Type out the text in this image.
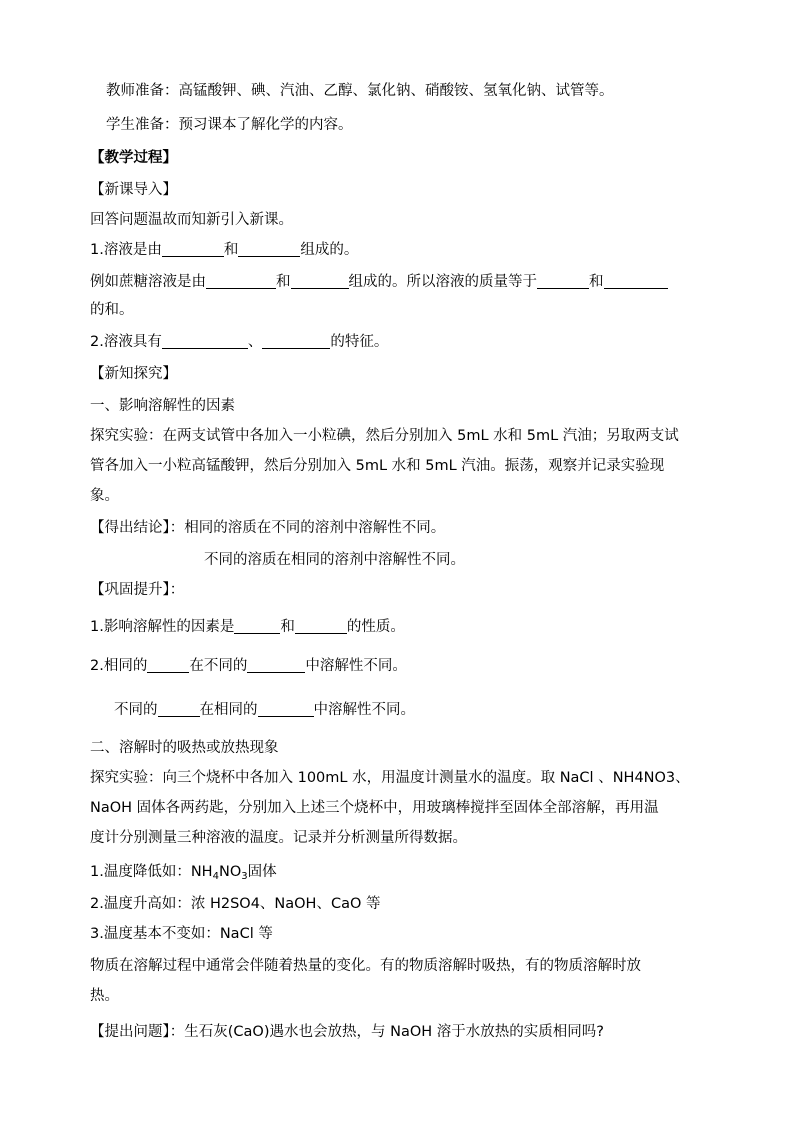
教师准备：高锰酸钾、碘、汽油、乙醇、氯化钠、硝酸铵、氢氧化钠、试管等。
学生准备：预习课本了解化学的内容。
【教学过程】
【新课导入】
回答问题温故而知新引入新课。
1.溶液是由	和	组成的。
例如蔗糖溶液是由	和	组成的。所以溶液的质量等于	和
的和。
2.溶液具有	、	的特征。
【新知探究】
一、影响溶解性的因素
探究实验：在两支试管中各加入一小粒碘，然后分别加入 5mL 水和 5mL 汽油；另取两支试
管各加入一小粒高锰酸钾，然后分别加入 5mL 水和 5mL 汽油。振荡，观察并记录实验现
象。
【得出结论】：相同的溶质在不同的溶剂中溶解性不同。
不同的溶质在相同的溶剂中溶解性不同。
【巩固提升】：
1.影响溶解性的因素是	和	的性质。
2.相同的	在不同的	中溶解性不同。
不同的	在相同的	中溶解性不同。
二、溶解时的吸热或放热现象
探究实验：向三个烧杯中各加入 100mL 水，用温度计测量水的温度。取 NaCl 、NH4NO3、
NaOH 固体各两药匙，分别加入上述三个烧杯中，用玻璃棒搅拌至固体全部溶解，再用温
度计分别测量三种溶液的温度。记录并分析测量所得数据。
1.温度降低如：$NH_4NO_3$固体
2.温度升高如：浓 H2SO4、NaOH、CaO 等
3.温度基本不变如：NaCl 等
物质在溶解过程中通常会伴随着热量的变化。有的物质溶解时吸热，有的物质溶解时放
热。
【提出问题】：生石灰(CaO)遇水也会放热，与 NaOH 溶于水放热的实质相同吗?
